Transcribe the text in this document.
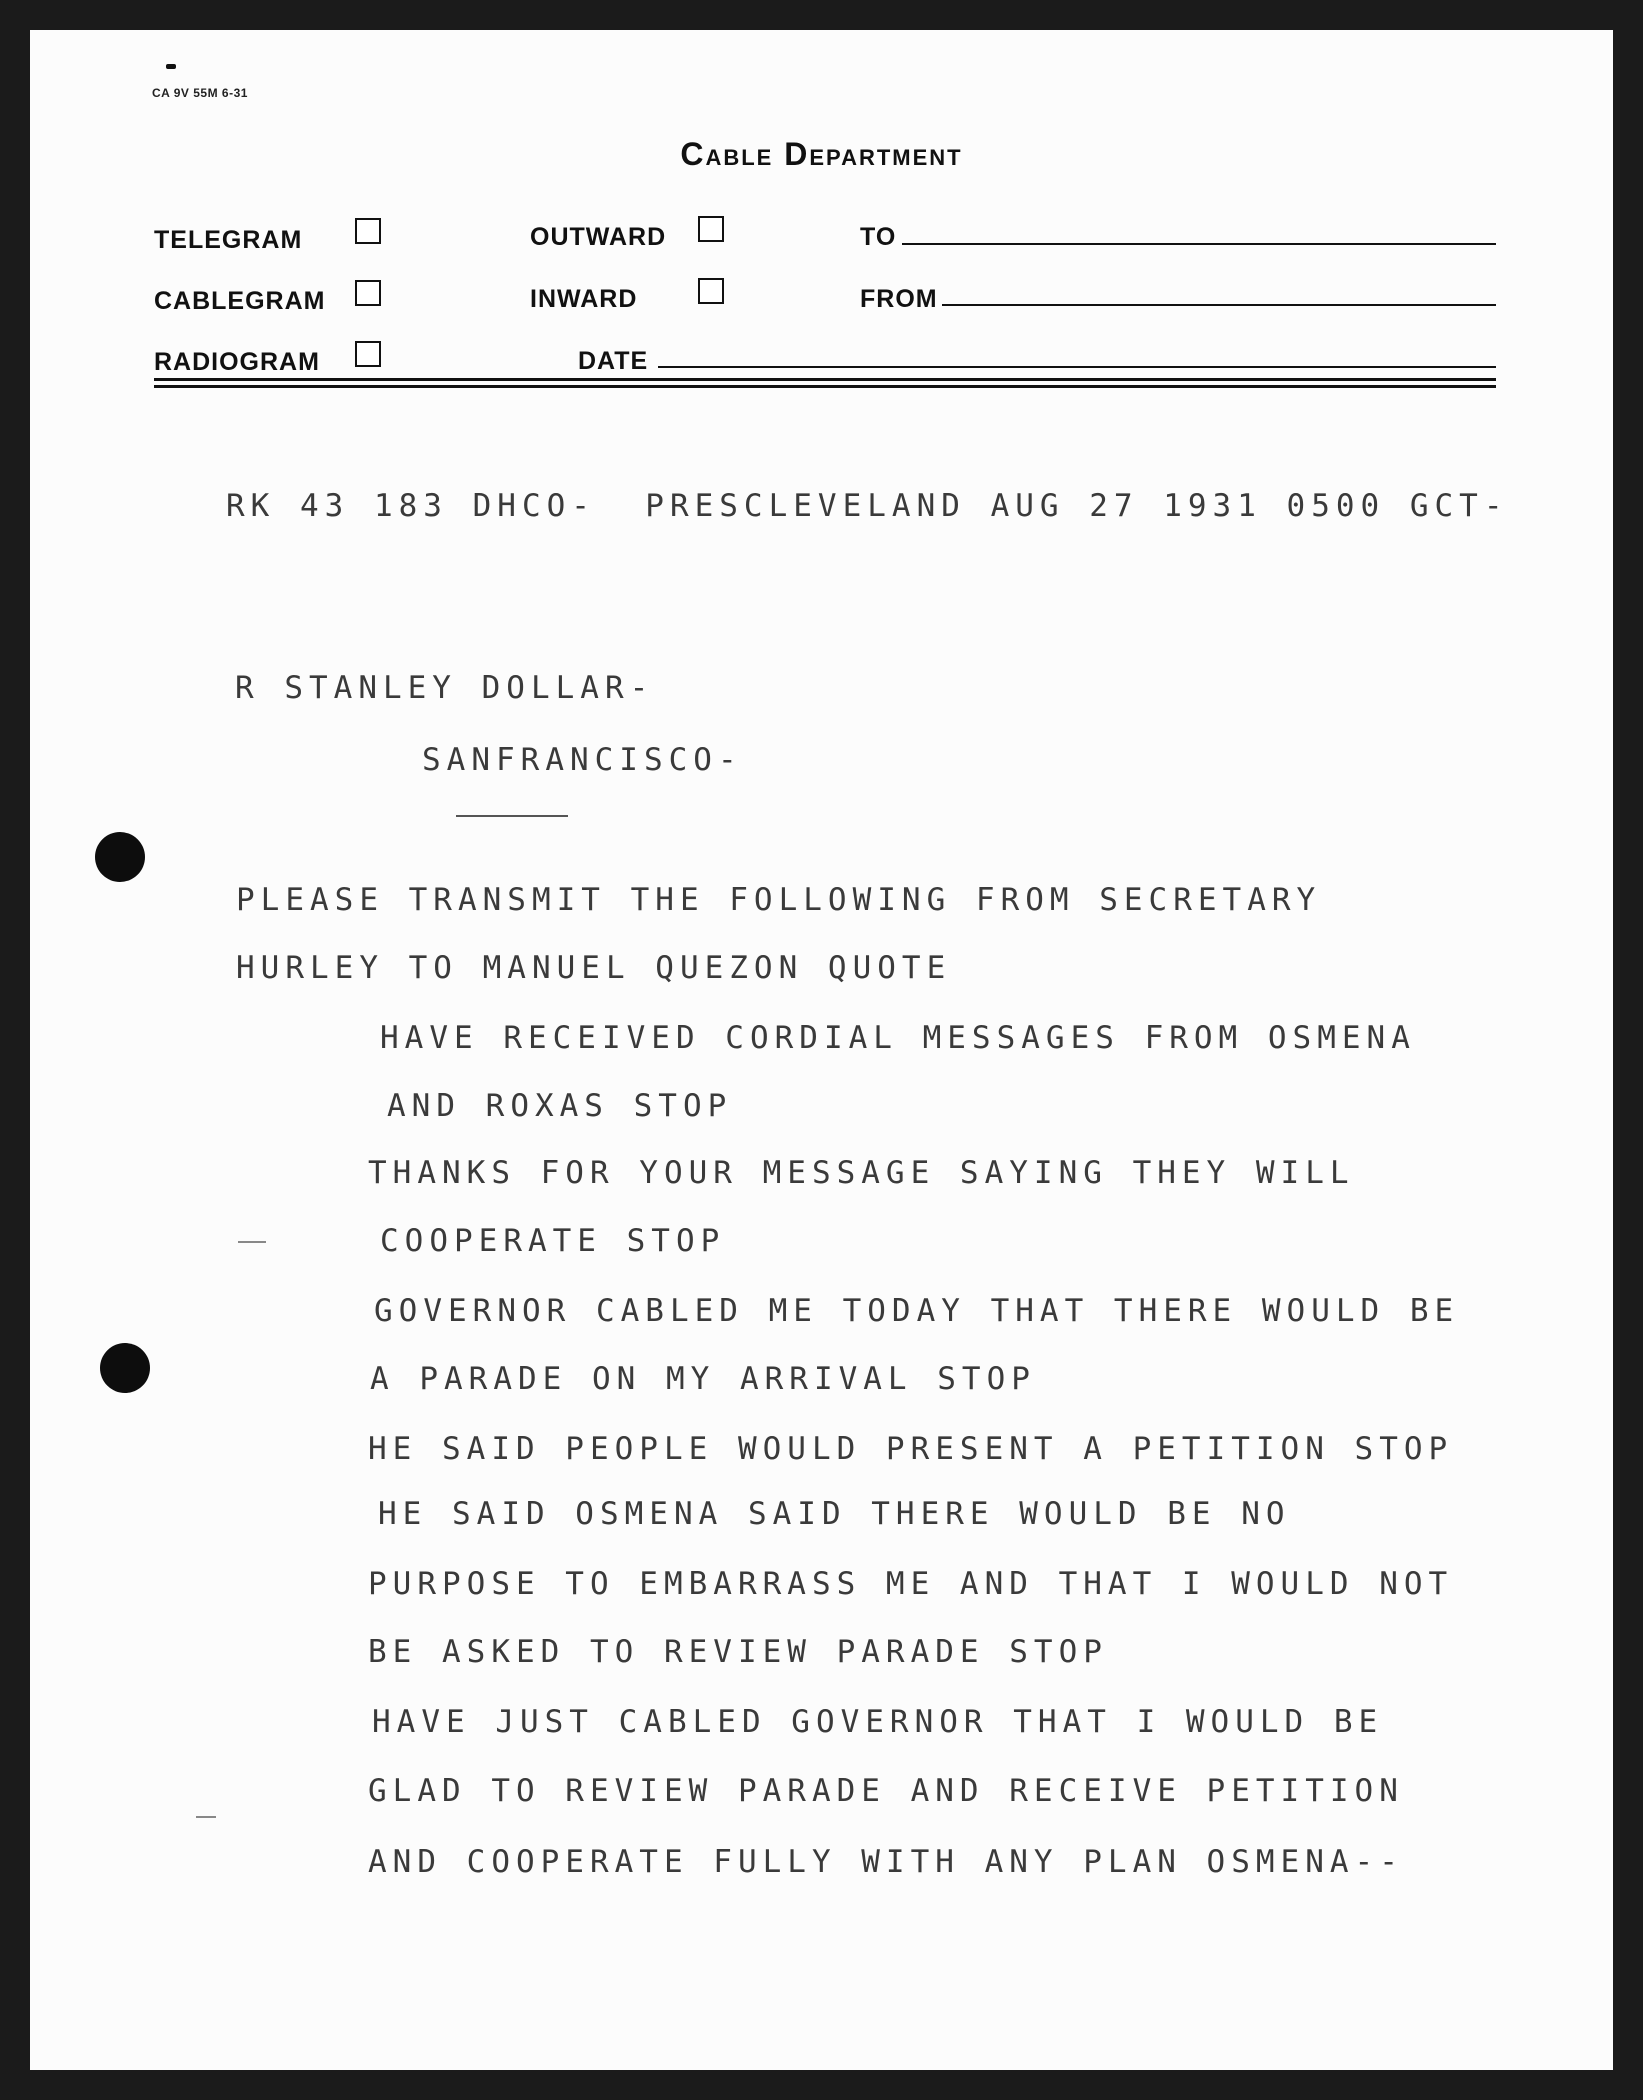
CA 9V 55M 6-31
Cable Department
TELEGRAM
CABLEGRAM
RADIOGRAM
OUTWARD
INWARD
TO
FROM
DATE
RK 43 183 DHCO-  PRESCLEVELAND AUG 27 1931 0500 GCT-
R STANLEY DOLLAR-
SANFRANCISCO-
PLEASE TRANSMIT THE FOLLOWING FROM SECRETARY
HURLEY TO MANUEL QUEZON QUOTE
HAVE RECEIVED CORDIAL MESSAGES FROM OSMENA
AND ROXAS STOP
THANKS FOR YOUR MESSAGE SAYING THEY WILL
COOPERATE STOP
GOVERNOR CABLED ME TODAY THAT THERE WOULD BE
A PARADE ON MY ARRIVAL STOP
HE SAID PEOPLE WOULD PRESENT A PETITION STOP
HE SAID OSMENA SAID THERE WOULD BE NO
PURPOSE TO EMBARRASS ME AND THAT I WOULD NOT
BE ASKED TO REVIEW PARADE STOP
HAVE JUST CABLED GOVERNOR THAT I WOULD BE
GLAD TO REVIEW PARADE AND RECEIVE PETITION
AND COOPERATE FULLY WITH ANY PLAN OSMENA--
